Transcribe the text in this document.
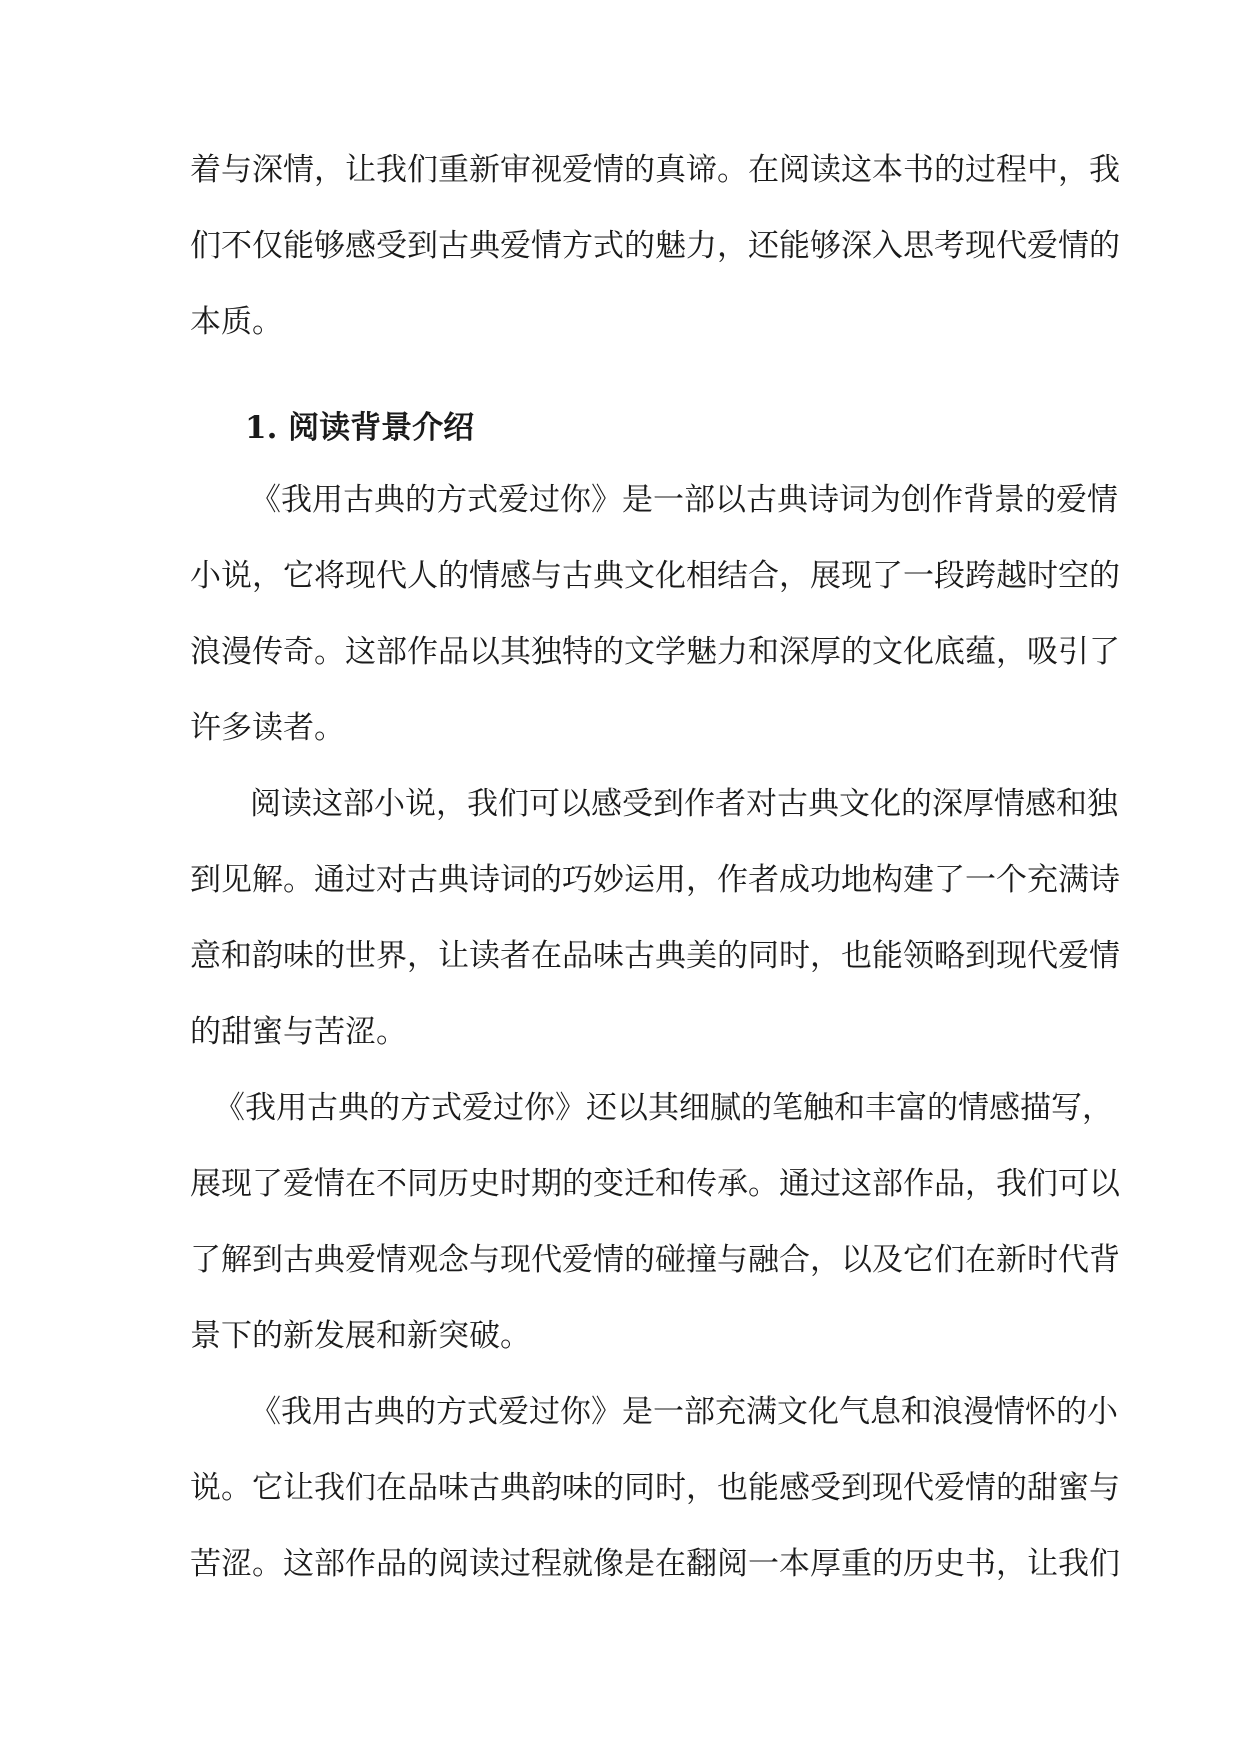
着与深情，让我们重新审视爱情的真谛。在阅读这本书的过程中，我
们不仅能够感受到古典爱情方式的魅力，还能够深入思考现代爱情的
本质。
1. 阅读背景介绍
《我用古典的方式爱过你》是一部以古典诗词为创作背景的爱情
小说，它将现代人的情感与古典文化相结合，展现了一段跨越时空的
浪漫传奇。这部作品以其独特的文学魅力和深厚的文化底蕴，吸引了
许多读者。
阅读这部小说，我们可以感受到作者对古典文化的深厚情感和独
到见解。通过对古典诗词的巧妙运用，作者成功地构建了一个充满诗
意和韵味的世界，让读者在品味古典美的同时，也能领略到现代爱情
的甜蜜与苦涩。
《我用古典的方式爱过你》还以其细腻的笔触和丰富的情感描写，
展现了爱情在不同历史时期的变迁和传承。通过这部作品，我们可以
了解到古典爱情观念与现代爱情的碰撞与融合，以及它们在新时代背
景下的新发展和新突破。
《我用古典的方式爱过你》是一部充满文化气息和浪漫情怀的小
说。它让我们在品味古典韵味的同时，也能感受到现代爱情的甜蜜与
苦涩。这部作品的阅读过程就像是在翻阅一本厚重的历史书，让我们
